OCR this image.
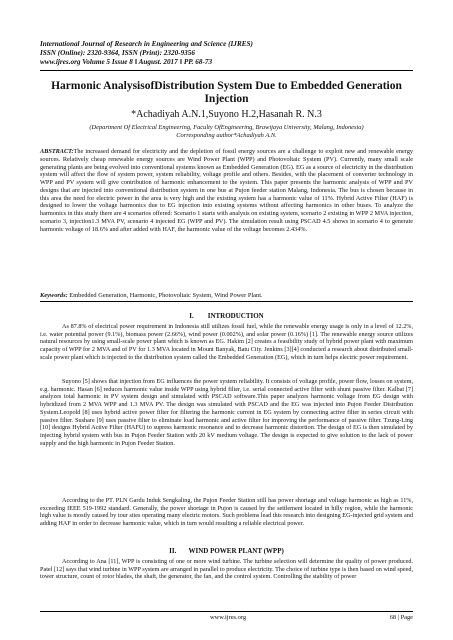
International Journal of Research in Engineering and Science (IJRES)
ISSN (Online): 2320-9364, ISSN (Print): 2320-9356
www.ijres.org Volume 5 Issue 8 ǁ August. 2017 ǁ PP. 68-73
Harmonic AnalysisofDistribution System Due to Embedded Generation Injection
*Achadiyah A.N.1,Suyono H.2,Hasanah R. N.3
(Department Of Electrical Engineering, Faculty OfEngineering, Brawijaya University, Malang, Indonesia)
Corresponding author*Achadiyah A.N.
ABSTRACT:The increased demand for electricity and the depletion of fossil energy sources are a challenge to exploit new and renewable energy sources. Relatively cheap renewable energy sources are Wind Power Plant (WPP) and Photovoltaic System (PV). Currently, many small scale generating plants are being evolved into conventional systems known as Embedded Generation (EG). EG as a source of electricity in the distribution system will affect the flow of system power, system reliability, voltage profile and others. Besides, with the placement of converter technology in WPP and PV system will give contribution of harmonic enhancement to the system. This paper presents the harmonic analysis of WPP and PV designs that are injected into conventional distribution system in one bus at Pujon feeder station Malang, Indonesia. The bus is chosen because in this area the need for electric power in the area is very high and the existing system has a harmonic value of 11%. Hybrid Active Filter (HAF) is designed to lower the voltage harmonics due to EG injection into existing systems without affecting harmonics in other buses. To analyze the harmonics in this study there are 4 scenarios offered: Scenario 1 starts with analysis on existing system, scenario 2 existing in WPP 2 MVA injection, scenario 3, injection1.3 MVA PV, scenario 4 injected EG (WPP and PV). The simulation result using PSCAD 4.5 shows in scenario 4 to generate harmonic voltage of 18.6% and after added with HAF, the harmonic value of the voltage becomes 2.434%.
Keywords: Embedded Generation, Harmonic, Photovoltaic System, Wind Power Plant.
I.        INTRODUCTION
As 87.8% of electrical power requirement in Indonesia still utilizes fossil fuel, while the renewable energy usage is only in a level of 12.2%, i.e. water potential power (9.1%), biomass power (2.66%), wind power (0.002%), and solar power (0.16%) [1]. The renewable energy source utilizes natural resources by using small-scale power plant which is known as EG. Hakim [2] creates a feasibility study of hybrid power plant with maximum capacity of WPP for 2 MVA and of PV for 1.3 MVA located in Mount Banyak, Batu City. Jenkins [3][4] conducted a research about distributed small-scale power plant which is injected to the distribution system called the Embedded Generation (EG), which in turn helps electric power requirement.
Suyono [5] shows that injection from EG influences the power system reliability. It consists of voltage profile, power flow, losses on system, e.g. harmonic. Hasan [6] reduces harmonic value inside WPP using hybrid filter, i.e. serial connected active filter with shunt passive filter. Kalbat [7] analyzes total harmonic in PV system design and simulated with PSCAD software.This paper analyzes harmonic voltage from EG design with hybridized from 2 MVA WPP and 1.3 MVA PV. The design was simulated with PSCAD and the EG was injected into Pujon Feeder Distribution System.Leopold [8] uses hybrid active power filter for filtering the harmonic current in EG system by connecting active filter in series circuit with passive filter. Sushare [9] uses passive filter to eliminate load harmonic and active filter for improving the performance of passive filter. Tzung-Ling [10] designs Hybrid Active Filter (HAFU) to supress harmonic resonance and to decrease harmonic distortion. The design of EG is then simulated by injecting hybrid system with bus in Pujon Feeder Station with 20 kV medium voltage. The design is expected to give solution to the lack of power supply and the high harmonic in Pujon Feeder Station.
According to the PT. PLN Gardu Induk Sengkaling, the Pujon Feeder Station still has power shortage and voltage harmonic as high as 11%, exceeding IEEE 519-1992 standard. Generally, the power shortage in Pujon is caused by the settlement located in hilly region, while the harmonic high value is mostly caused by tour sites operating many electric motors. Such problems lead this research into designing EG-injected grid system and adding HAF in order to decrease harmonic value, which in turn would resulting a reliable electrical power.
II.       WIND POWER PLANT (WPP)
According to Ana [11], WPP is consisting of one or more wind turbine. The turbine selection will determine the quality of power produced. Patel [12] says that wind turbine in WPP system are arranged in parallel to produce electricity. The choice of turbine type is then based on wind speed, tower structure, count of rotor blades, the shaft, the generator, the fan, and the control system. Controlling the stability of power
www.ijres.org	68 | Page
